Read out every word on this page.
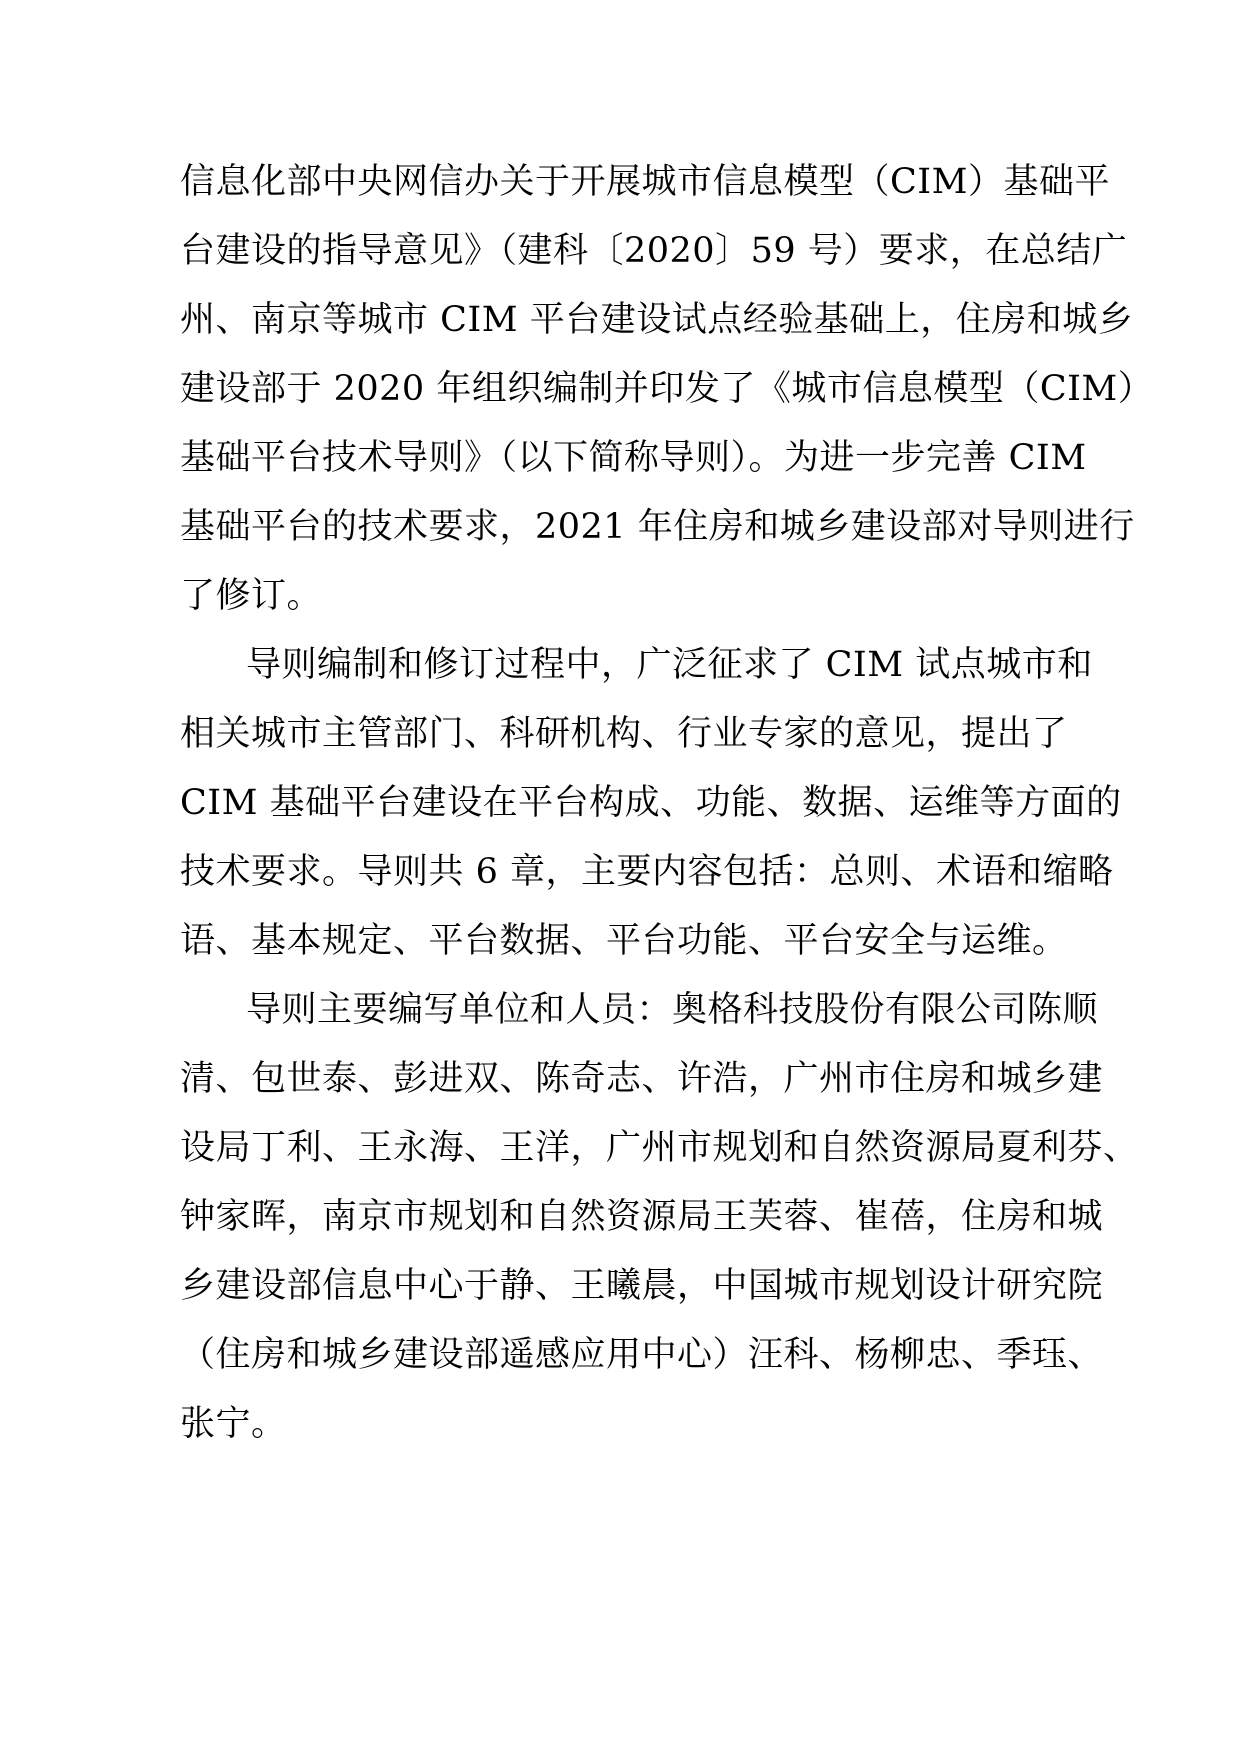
信息化部中央网信办关于开展城市信息模型（CIM）基础平
台建设的指导意见》（建科〔2020〕59 号）要求，在总结广
州、南京等城市 CIM 平台建设试点经验基础上，住房和城乡
建设部于 2020 年组织编制并印发了《城市信息模型（CIM）
基础平台技术导则》（以下简称导则）。为进一步完善 CIM
基础平台的技术要求，2021 年住房和城乡建设部对导则进行
了修订。
导则编制和修订过程中，广泛征求了 CIM 试点城市和
相关城市主管部门、科研机构、行业专家的意见，提出了
CIM 基础平台建设在平台构成、功能、数据、运维等方面的
技术要求。导则共 6 章，主要内容包括：总则、术语和缩略
语、基本规定、平台数据、平台功能、平台安全与运维。
导则主要编写单位和人员：奥格科技股份有限公司陈顺
清、包世泰、彭进双、陈奇志、许浩，广州市住房和城乡建
设局丁利、王永海、王洋，广州市规划和自然资源局夏利芬、
钟家晖，南京市规划和自然资源局王芙蓉、崔蓓，住房和城
乡建设部信息中心于静、王曦晨，中国城市规划设计研究院
（住房和城乡建设部遥感应用中心）汪科、杨柳忠、季珏、
张宁。
